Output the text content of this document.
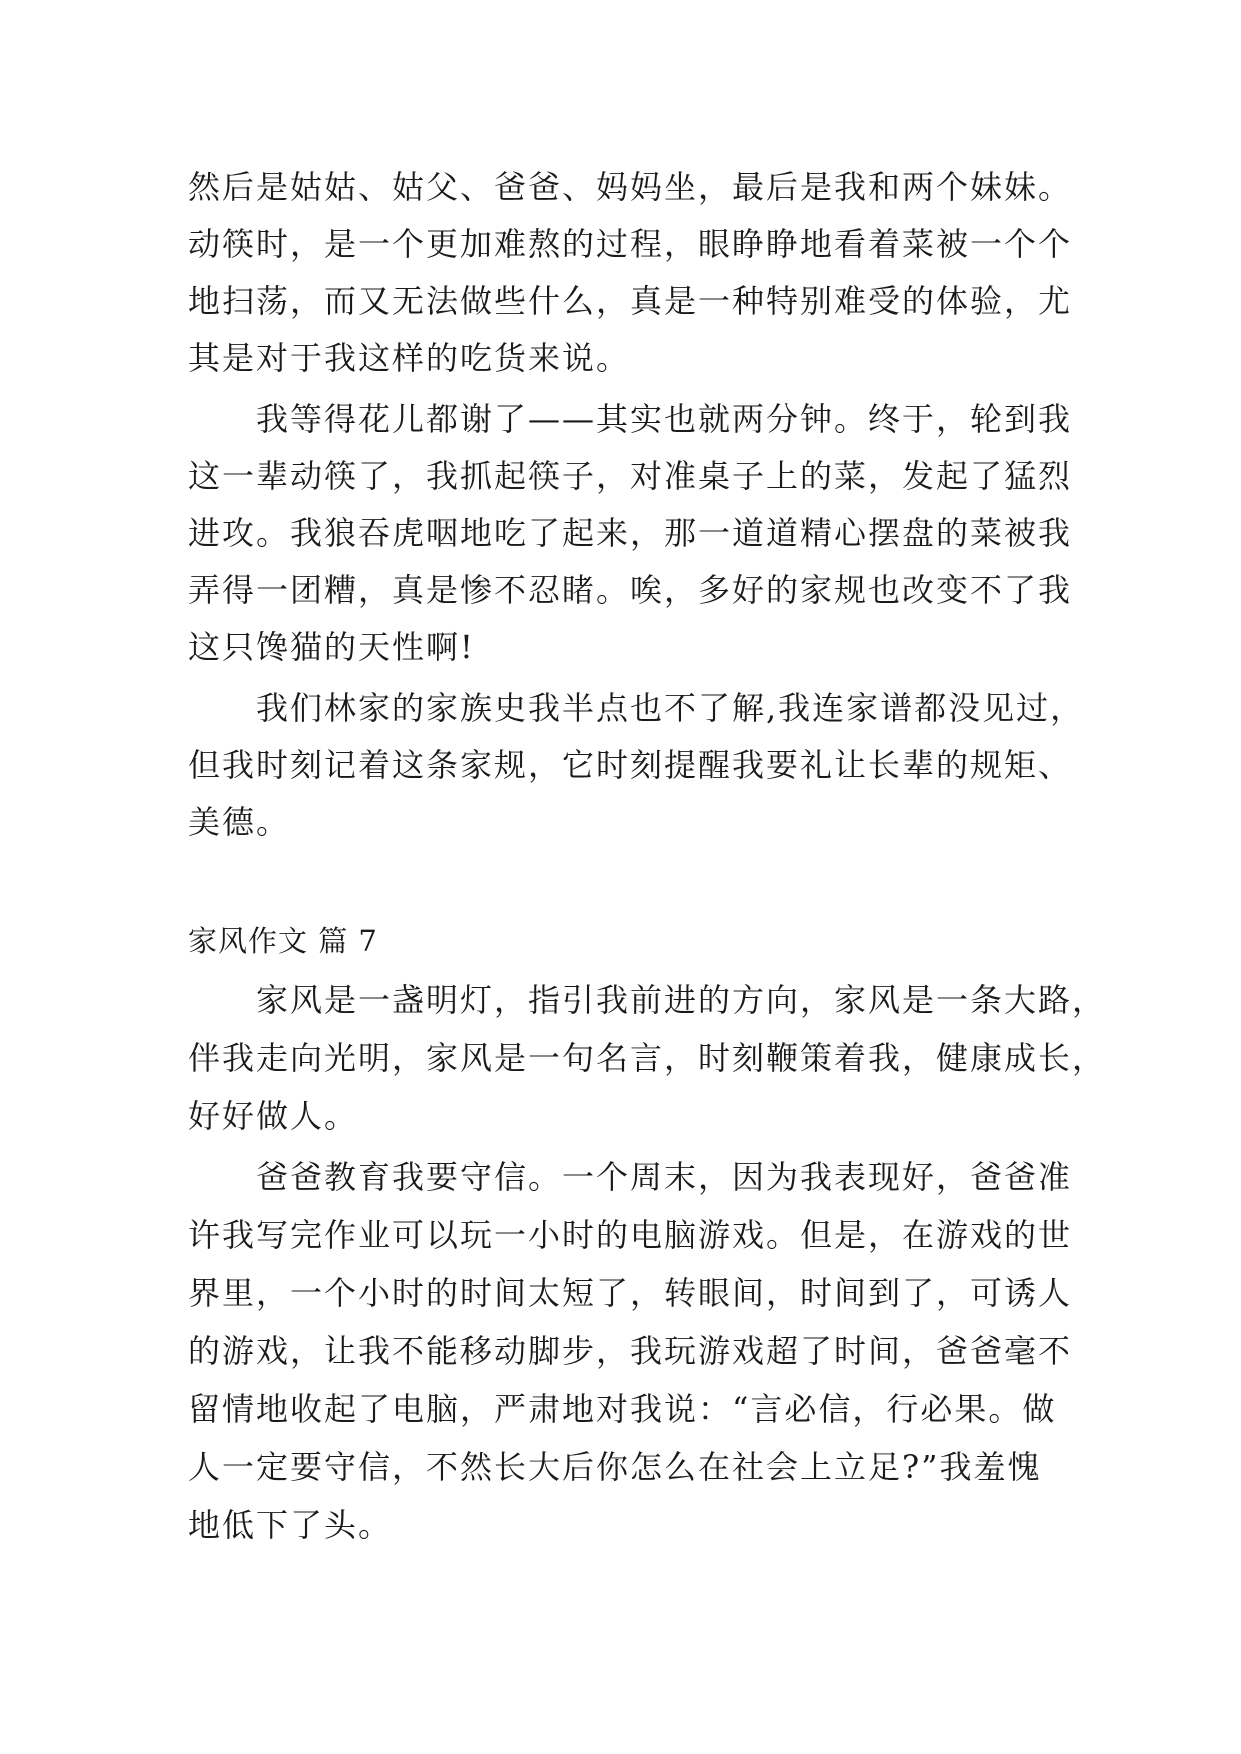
然后是姑姑、姑父、爸爸、妈妈坐，最后是我和两个妹妹。
动筷时，是一个更加难熬的过程，眼睁睁地看着菜被一个个
地扫荡，而又无法做些什么，真是一种特别难受的体验，尤
其是对于我这样的吃货来说。
　　我等得花儿都谢了——其实也就两分钟。终于，轮到我
这一辈动筷了，我抓起筷子，对准桌子上的菜，发起了猛烈
进攻。我狼吞虎咽地吃了起来，那一道道精心摆盘的菜被我
弄得一团糟，真是惨不忍睹。唉，多好的家规也改变不了我
这只馋猫的天性啊!
　　我们林家的家族史我半点也不了解,我连家谱都没见过，
但我时刻记着这条家规，它时刻提醒我要礼让长辈的规矩、
美德。
家风作文 篇 7
　　家风是一盏明灯，指引我前进的方向，家风是一条大路，
伴我走向光明，家风是一句名言，时刻鞭策着我，健康成长，
好好做人。
　　爸爸教育我要守信。一个周末，因为我表现好，爸爸准
许我写完作业可以玩一小时的电脑游戏。但是，在游戏的世
界里，一个小时的时间太短了，转眼间，时间到了，可诱人
的游戏，让我不能移动脚步，我玩游戏超了时间，爸爸毫不
留情地收起了电脑，严肃地对我说：“言必信，行必果。做
人一定要守信，不然长大后你怎么在社会上立足?”我羞愧
地低下了头。
